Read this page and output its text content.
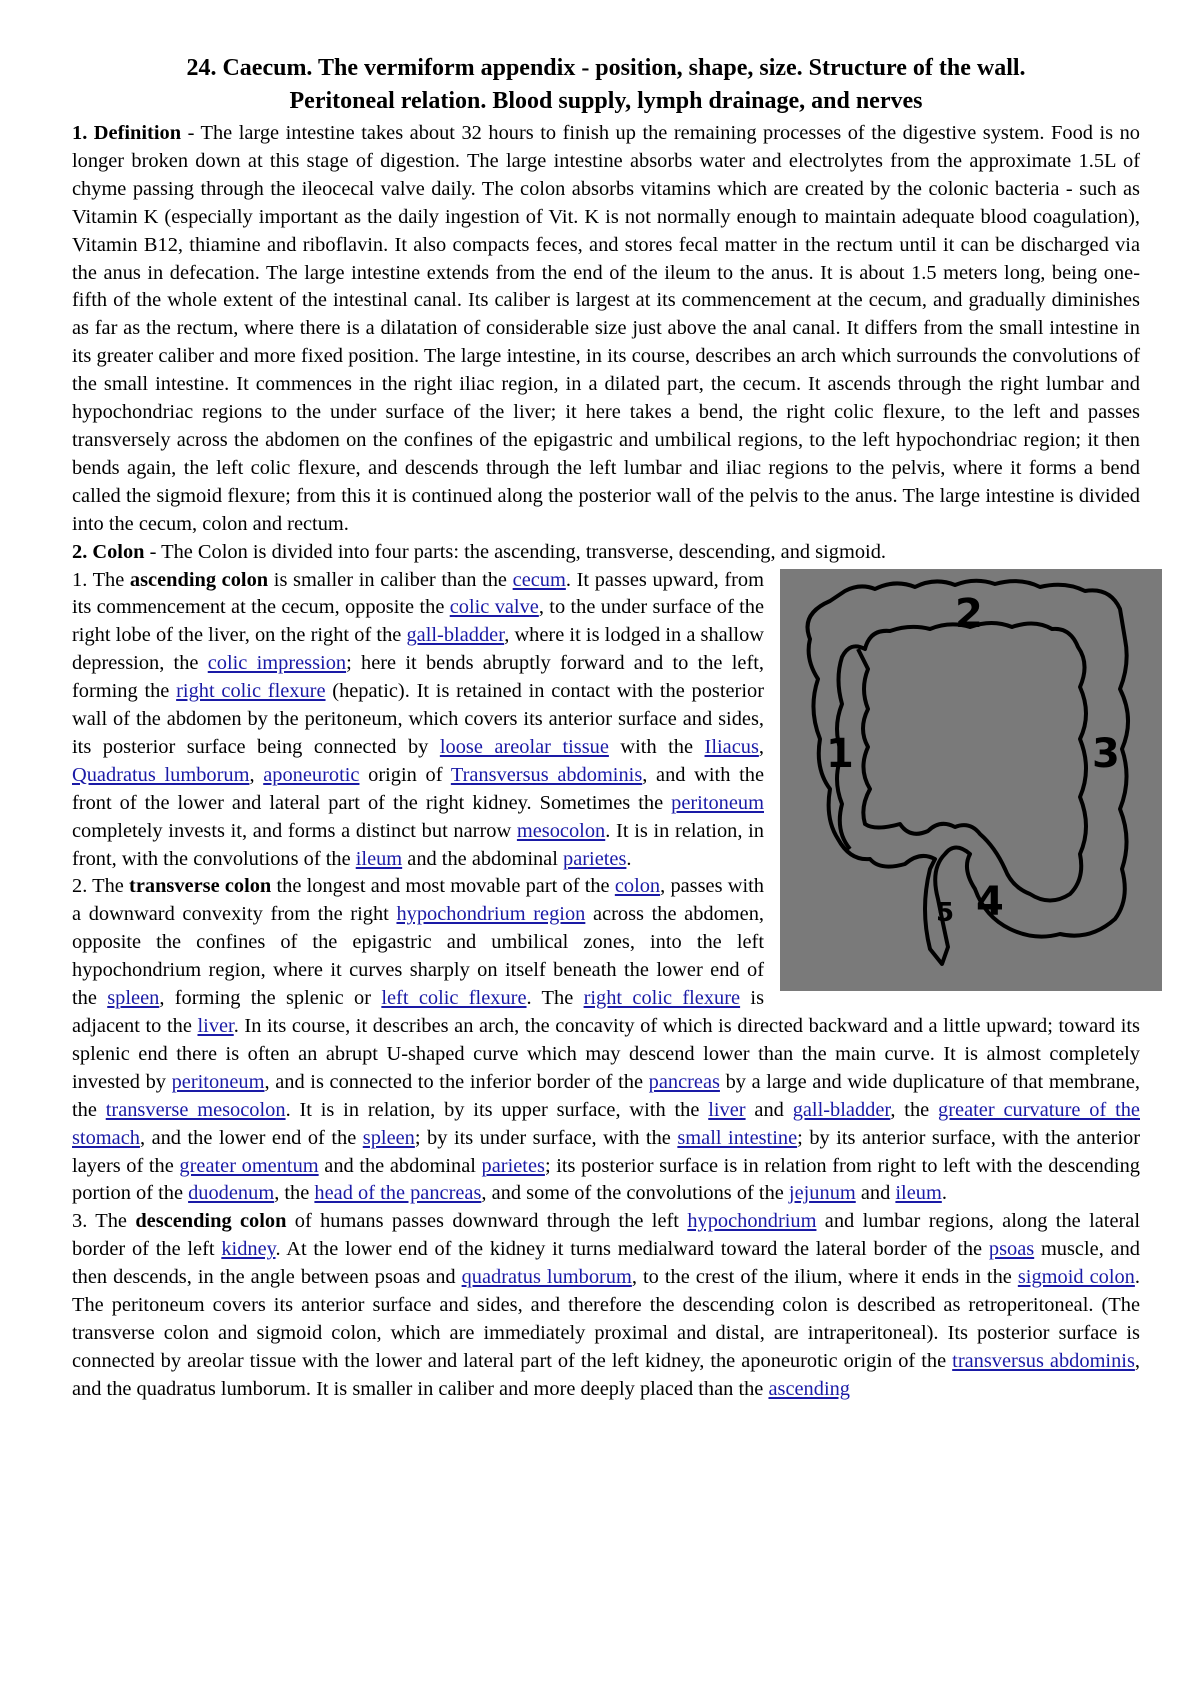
24. Caecum. The vermiform appendix - position, shape, size. Structure of the wall.
Peritoneal relation. Blood supply, lymph drainage, and nerves

1. Definition - The large intestine takes about 32 hours to finish up the remaining processes of the digestive system. Food is no longer broken down at this stage of digestion. The large intestine absorbs water and electrolytes from the approximate 1.5L of chyme passing through the ileocecal valve daily. The colon absorbs vitamins which are created by the colonic bacteria - such as Vitamin K (especially important as the daily ingestion of Vit. K is not normally enough to maintain adequate blood coagulation), Vitamin B12, thiamine and riboflavin. It also compacts feces, and stores fecal matter in the rectum until it can be discharged via the anus in defecation. The large intestine extends from the end of the ileum to the anus. It is about 1.5 meters long, being one-fifth of the whole extent of the intestinal canal. Its caliber is largest at its commencement at the cecum, and gradually diminishes as far as the rectum, where there is a dilatation of considerable size just above the anal canal. It differs from the small intestine in its greater caliber and more fixed position. The large intestine, in its course, describes an arch which surrounds the convolutions of the small intestine. It commences in the right iliac region, in a dilated part, the cecum. It ascends through the right lumbar and hypochondriac regions to the under surface of the liver; it here takes a bend, the right colic flexure, to the left and passes transversely across the abdomen on the confines of the epigastric and umbilical regions, to the left hypochondriac region; it then bends again, the left colic flexure, and descends through the left lumbar and iliac regions to the pelvis, where it forms a bend called the sigmoid flexure; from this it is continued along the posterior wall of the pelvis to the anus. The large intestine is divided into the cecum, colon and rectum.

2. Colon - The Colon is divided into four parts: the ascending, transverse, descending, and sigmoid.

1
2
3
4
5

1. The ascending colon is smaller in caliber than the cecum. It passes upward, from its commencement at the cecum, opposite the colic valve, to the under surface of the right lobe of the liver, on the right of the gall-bladder, where it is lodged in a shallow depression, the colic impression; here it bends abruptly forward and to the left, forming the right colic flexure (hepatic). It is retained in contact with the posterior wall of the abdomen by the peritoneum, which covers its anterior surface and sides, its posterior surface being connected by loose areolar tissue with the Iliacus, Quadratus lumborum, aponeurotic origin of Transversus abdominis, and with the front of the lower and lateral part of the right kidney. Sometimes the peritoneum completely invests it, and forms a distinct but narrow mesocolon. It is in relation, in front, with the convolutions of the ileum and the abdominal parietes.

2. The transverse colon the longest and most movable part of the colon, passes with a downward convexity from the right hypochondrium region across the abdomen, opposite the confines of the epigastric and umbilical zones, into the left hypochondrium region, where it curves sharply on itself beneath the lower end of the spleen, forming the splenic or left colic flexure. The right colic flexure is adjacent to the liver. In its course, it describes an arch, the concavity of which is directed backward and a little upward; toward its splenic end there is often an abrupt U-shaped curve which may descend lower than the main curve. It is almost completely invested by peritoneum, and is connected to the inferior border of the pancreas by a large and wide duplicature of that membrane, the transverse mesocolon. It is in relation, by its upper surface, with the liver and gall-bladder, the greater curvature of the stomach, and the lower end of the spleen; by its under surface, with the small intestine; by its anterior surface, with the anterior layers of the greater omentum and the abdominal parietes; its posterior surface is in relation from right to left with the descending portion of the duodenum, the head of the pancreas, and some of the convolutions of the jejunum and ileum.

3. The descending colon of humans passes downward through the left hypochondrium and lumbar regions, along the lateral border of the left kidney. At the lower end of the kidney it turns medialward toward the lateral border of the psoas muscle, and then descends, in the angle between psoas and quadratus lumborum, to the crest of the ilium, where it ends in the sigmoid colon. The peritoneum covers its anterior surface and sides, and therefore the descending colon is described as retroperitoneal. (The transverse colon and sigmoid colon, which are immediately proximal and distal, are intraperitoneal). Its posterior surface is connected by areolar tissue with the lower and lateral part of the left kidney, the aponeurotic origin of the transversus abdominis, and the quadratus lumborum. It is smaller in caliber and more deeply placed than the ascending
